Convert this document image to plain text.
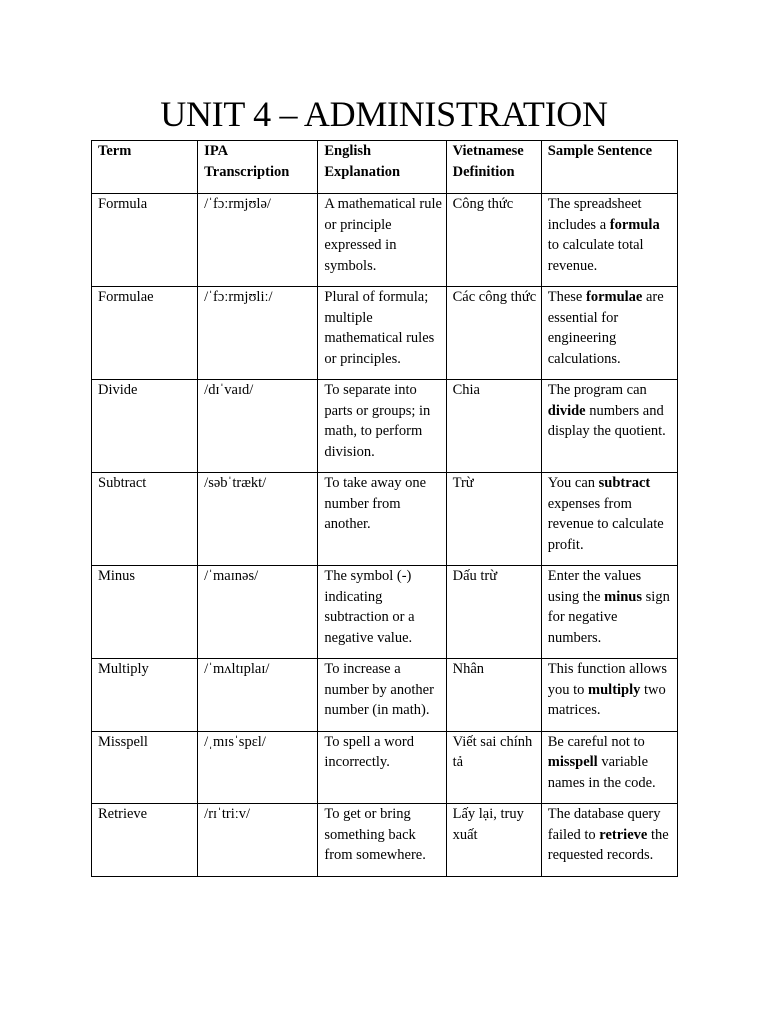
UNIT 4 – ADMINISTRATION
Term	IPA Transcription	English Explanation	Vietnamese Definition	Sample Sentence
Formula	/ˈfɔːrmjʊlə/	A mathematical rule or principle expressed in symbols.	Công thức	The spreadsheet includes a formula to calculate total revenue.
Formulae	/ˈfɔːrmjʊliː/	Plural of formula; multiple mathematical rules or principles.	Các công thức	These formulae are essential for engineering calculations.
Divide	/dɪˈvaɪd/	To separate into parts or groups; in math, to perform division.	Chia	The program can divide numbers and display the quotient.
Subtract	/səbˈtrækt/	To take away one number from another.	Trừ	You can subtract expenses from revenue to calculate profit.
Minus	/ˈmaɪnəs/	The symbol (-) indicating subtraction or a negative value.	Dấu trừ	Enter the values using the minus sign for negative numbers.
Multiply	/ˈmʌltɪplaɪ/	To increase a number by another number (in math).	Nhân	This function allows you to multiply two matrices.
Misspell	/ˌmɪsˈspɛl/	To spell a word incorrectly.	Viết sai chính tả	Be careful not to misspell variable names in the code.
Retrieve	/rɪˈtriːv/	To get or bring something back from somewhere.	Lấy lại, truy xuất	The database query failed to retrieve the requested records.
